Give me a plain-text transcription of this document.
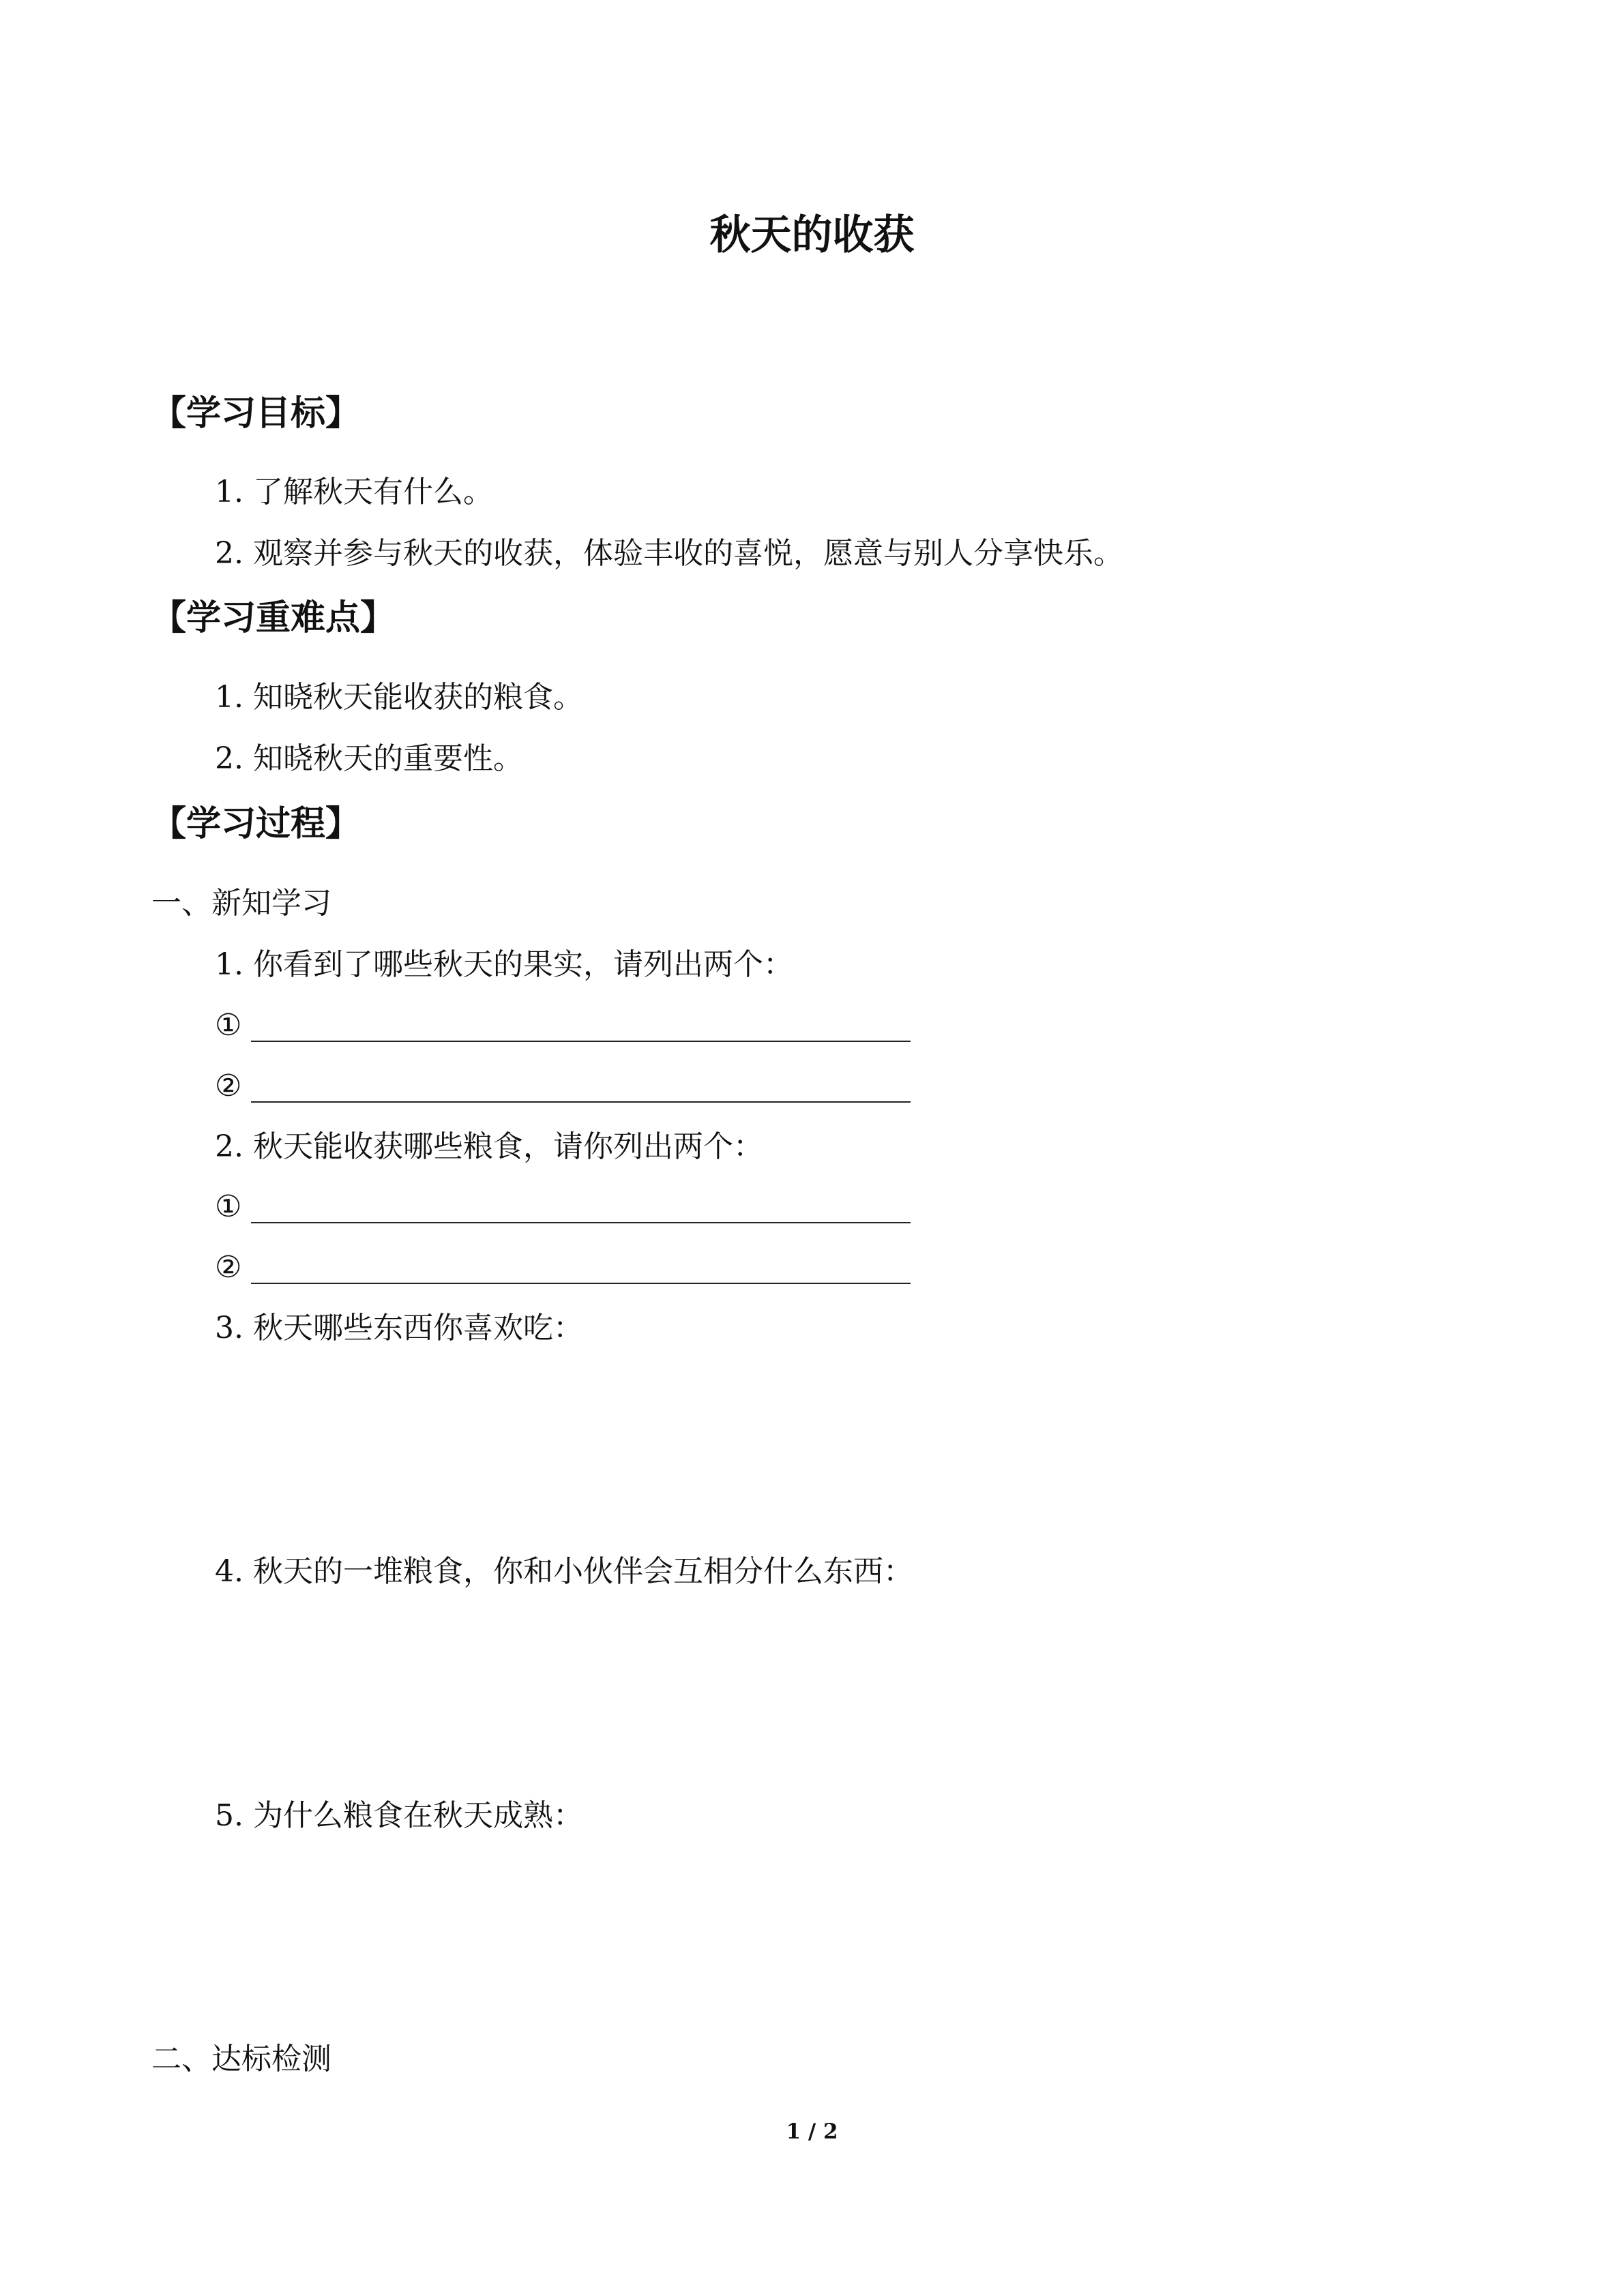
秋天的收获
【学习目标】
1. 了解秋天有什么。
2. 观察并参与秋天的收获，体验丰收的喜悦，愿意与别人分享快乐。
【学习重难点】
1. 知晓秋天能收获的粮食。
2. 知晓秋天的重要性。
【学习过程】
一、新知学习
1. 你看到了哪些秋天的果实，请列出两个：
①
②
2. 秋天能收获哪些粮食，请你列出两个：
①
②
3. 秋天哪些东西你喜欢吃：
4. 秋天的一堆粮食，你和小伙伴会互相分什么东西：
5. 为什么粮食在秋天成熟：
二、达标检测
1 / 2
